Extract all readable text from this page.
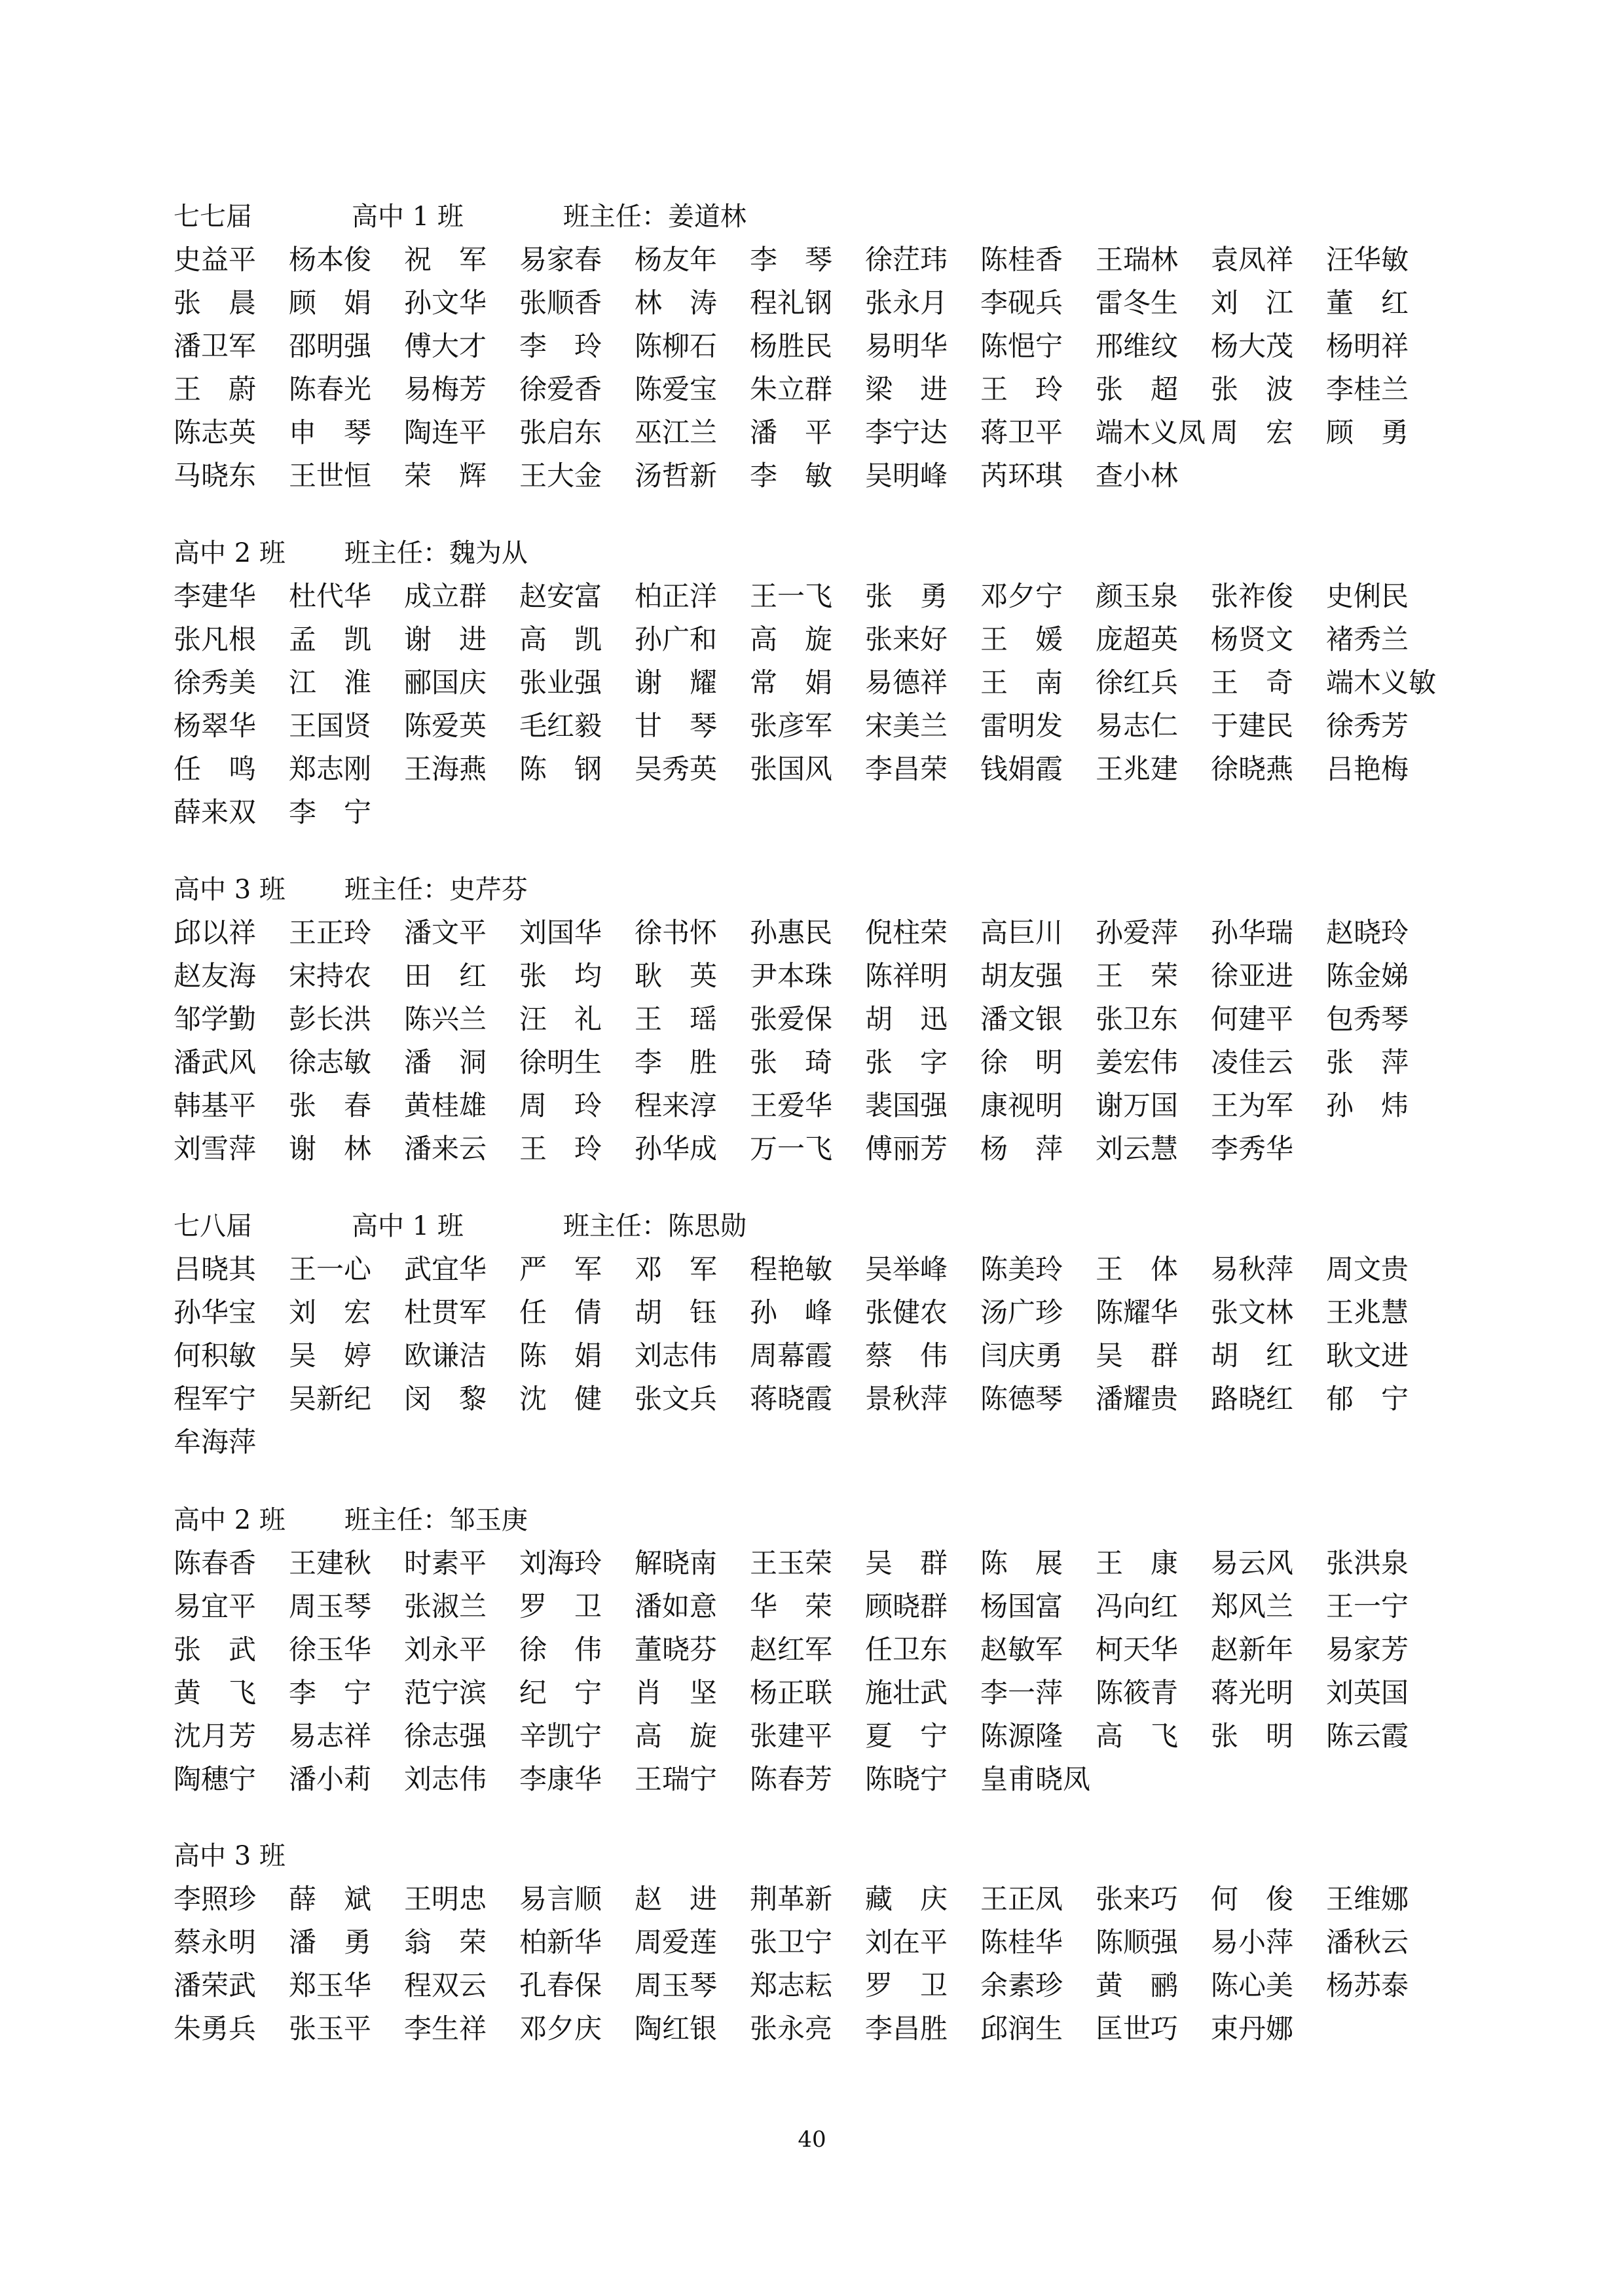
七七届	高中 1 班	班主任：姜道林
史益平	杨本俊	祝　军	易家春	杨友年	李　琴	徐茳玮	陈桂香	王瑞林	袁凤祥	汪华敏
张　晨	顾　娟	孙文华	张顺香	林　涛	程礼钢	张永月	李砚兵	雷冬生	刘　江	董　红
潘卫军	邵明强	傅大才	李　玲	陈柳石	杨胜民	易明华	陈悒宁	邢维纹	杨大茂	杨明祥
王　蔚	陈春光	易梅芳	徐爱香	陈爱宝	朱立群	梁　进	王　玲	张　超	张　波	李桂兰
陈志英	申　琴	陶连平	张启东	巫江兰	潘　平	李宁达	蒋卫平	端木义凤 周　宏	顾　勇
马晓东	王世恒	荣　辉	王大金	汤哲新	李　敏	吴明峰	芮环琪	查小林
高中 2 班 班主任：魏为从
李建华	杜代华	成立群	赵安富	柏正洋	王一飞	张　勇	邓夕宁	颜玉泉	张祚俊	史俐民
张凡根	孟　凯	谢　进	高　凯	孙广和	高　旋	张来好	王　媛	庞超英	杨贤文	褚秀兰
徐秀美	江　淮	郦国庆	张业强	谢　耀	常　娟	易德祥	王　南	徐红兵	王　奇	端木义敏
杨翠华	王国贤	陈爱英	毛红毅	甘　琴	张彦军	宋美兰	雷明发	易志仁	于建民	徐秀芳
任　鸣	郑志刚	王海燕	陈　钢	吴秀英	张国风	李昌荣	钱娟霞	王兆建	徐晓燕	吕艳梅
薛来双	李　宁
高中 3 班 班主任：史芹芬
邱以祥	王正玲	潘文平	刘国华	徐书怀	孙惠民	倪柱荣	高巨川	孙爱萍	孙华瑞	赵晓玲
赵友海	宋持农	田　红	张　均	耿　英	尹本珠	陈祥明	胡友强	王　荣	徐亚进	陈金娣
邹学勤	彭长洪	陈兴兰	汪　礼	王　瑶	张爱保	胡　迅	潘文银	张卫东	何建平	包秀琴
潘武风	徐志敏	潘　洞	徐明生	李　胜	张　琦	张　字	徐　明	姜宏伟	凌佳云	张　萍
韩基平	张　春	黄桂雄	周　玲	程来淳	王爱华	裴国强	康视明	谢万国	王为军	孙　炜
刘雪萍	谢　林	潘来云	王　玲	孙华成	万一飞	傅丽芳	杨　萍	刘云慧	李秀华
七八届	高中 1 班	班主任：陈思勋
吕晓其	王一心	武宜华	严　军	邓　军	程艳敏	吴举峰	陈美玲	王　体	易秋萍	周文贵
孙华宝	刘　宏	杜贯军	任　倩	胡　钰	孙　峰	张健农	汤广珍	陈耀华	张文林	王兆慧
何积敏	吴　婷	欧谦洁	陈　娟	刘志伟	周幕霞	蔡　伟	闫庆勇	吴　群	胡　红	耿文进
程军宁	吴新纪	闵　黎	沈　健	张文兵	蒋晓霞	景秋萍	陈德琴	潘耀贵	路晓红	郁　宁
牟海萍
高中 2 班 班主任：邹玉庚
陈春香	王建秋	时素平	刘海玲	解晓南	王玉荣	吴　群	陈　展	王　康	易云风	张洪泉
易宜平	周玉琴	张淑兰	罗　卫	潘如意	华　荣	顾晓群	杨国富	冯向红	郑风兰	王一宁
张　武	徐玉华	刘永平	徐　伟	董晓芬	赵红军	任卫东	赵敏军	柯天华	赵新年	易家芳
黄　飞	李　宁	范宁滨	纪　宁	肖　坚	杨正联	施壮武	李一萍	陈筱青	蒋光明	刘英国
沈月芳	易志祥	徐志强	辛凯宁	高　旋	张建平	夏　宁	陈源隆	高　飞	张　明	陈云霞
陶穗宁	潘小莉	刘志伟	李康华	王瑞宁	陈春芳	陈晓宁	皇甫晓凤
高中 3 班
李照珍	薛　斌	王明忠	易言顺	赵　进	荆革新	藏　庆	王正凤	张来巧	何　俊	王维娜
蔡永明	潘　勇	翁　荣	柏新华	周爱莲	张卫宁	刘在平	陈桂华	陈顺强	易小萍	潘秋云
潘荣武	郑玉华	程双云	孔春保	周玉琴	郑志耘	罗　卫	余素珍	黄　鹂	陈心美	杨苏泰
朱勇兵	张玉平	李生祥	邓夕庆	陶红银	张永亮	李昌胜	邱润生	匡世巧	束丹娜
40
